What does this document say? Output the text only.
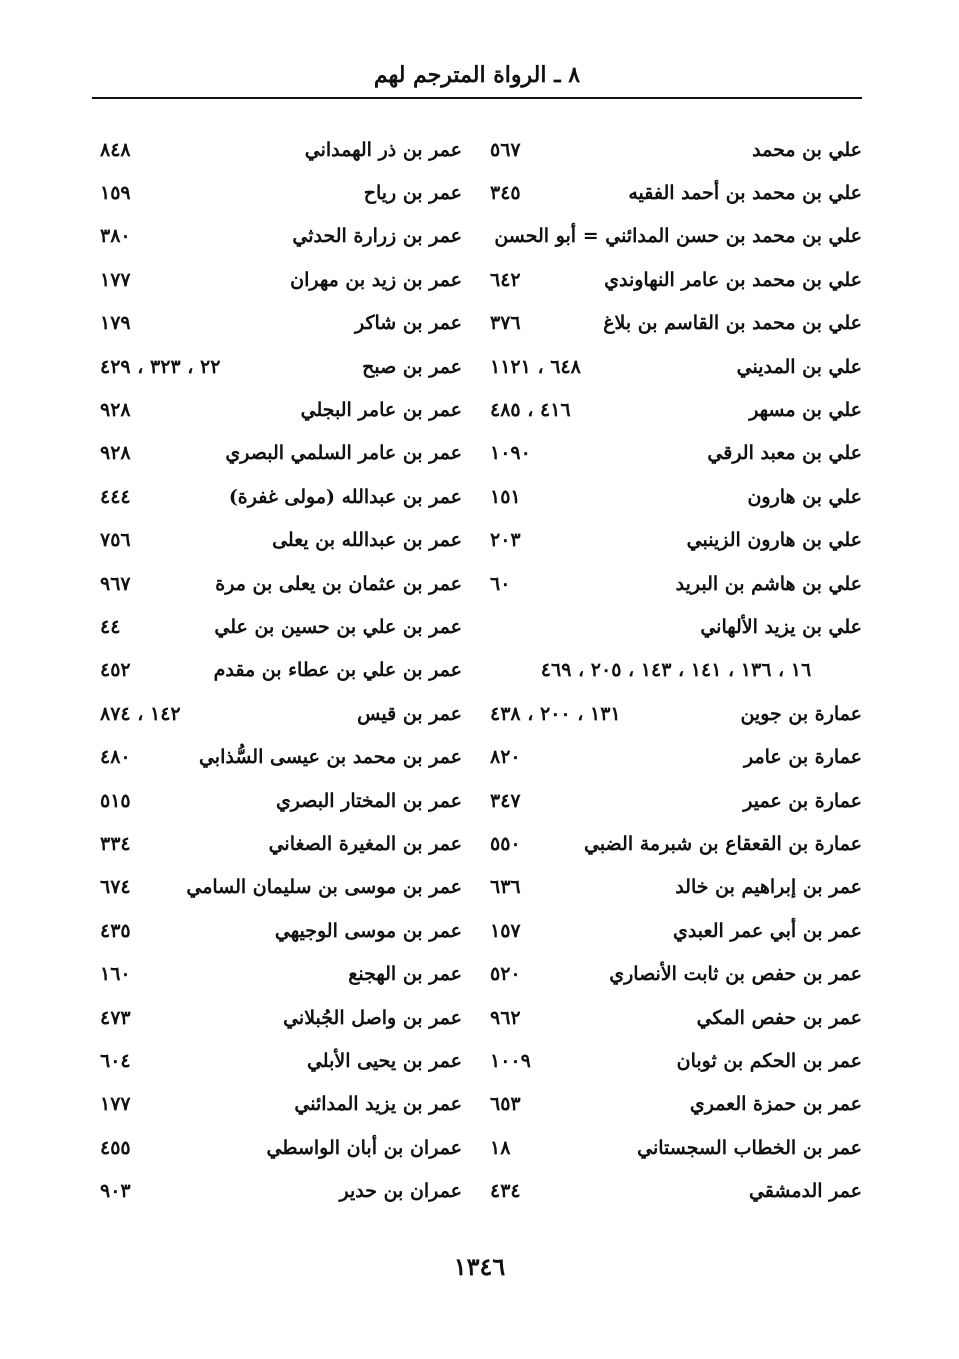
٨ ـ الرواة المترجم لهم
علي بن محمد
٥٦٧
علي بن محمد بن أحمد الفقيه
٣٤٥
علي بن محمد بن حسن المدائني = أبو الحسن
علي بن محمد بن عامر النهاوندي
٦٤٢
علي بن محمد بن القاسم بن بلاغ
٣٧٦
علي بن المديني
٦٤٨ ، ١١٢١
علي بن مسهر
٤١٦ ، ٤٨٥
علي بن معبد الرقي
١٠٩٠
علي بن هارون
١٥١
علي بن هارون الزينبي
٢٠٣
علي بن هاشم بن البريد
٦٠
علي بن يزيد الألهاني
١٦ ، ١٣٦ ، ١٤١ ، ١٤٣ ، ٢٠٥ ، ٤٦٩
عمارة بن جوين
١٣١ ، ٢٠٠ ، ٤٣٨
عمارة بن عامر
٨٢٠
عمارة بن عمير
٣٤٧
عمارة بن القعقاع بن شبرمة الضبي
٥٥٠
عمر بن إبراهيم بن خالد
٦٣٦
عمر بن أبي عمر العبدي
١٥٧
عمر بن حفص بن ثابت الأنصاري
٥٢٠
عمر بن حفص المكي
٩٦٢
عمر بن الحكم بن ثوبان
١٠٠٩
عمر بن حمزة العمري
٦٥٣
عمر بن الخطاب السجستاني
١٨
عمر الدمشقي
٤٣٤
عمر بن ذر الهمداني
٨٤٨
عمر بن رياح
١٥٩
عمر بن زرارة الحدثي
٣٨٠
عمر بن زيد بن مهران
١٧٧
عمر بن شاكر
١٧٩
عمر بن صبح
٢٢ ، ٣٢٣ ، ٤٢٩
عمر بن عامر البجلي
٩٢٨
عمر بن عامر السلمي البصري
٩٢٨
عمر بن عبدالله (مولى غفرة)
٤٤٤
عمر بن عبدالله بن يعلى
٧٥٦
عمر بن عثمان بن يعلى بن مرة
٩٦٧
عمر بن علي بن حسين بن علي
٤٤
عمر بن علي بن عطاء بن مقدم
٤٥٢
عمر بن قيس
١٤٢ ، ٨٧٤
عمر بن محمد بن عيسى السُّذابي
٤٨٠
عمر بن المختار البصري
٥١٥
عمر بن المغيرة الصغاني
٣٣٤
عمر بن موسى بن سليمان السامي
٦٧٤
عمر بن موسى الوجيهي
٤٣٥
عمر بن الهجنع
١٦٠
عمر بن واصل الجُبلاني
٤٧٣
عمر بن يحيى الأبلي
٦٠٤
عمر بن يزيد المدائني
١٧٧
عمران بن أبان الواسطي
٤٥٥
عمران بن حدير
٩٠٣
١٣٤٦
